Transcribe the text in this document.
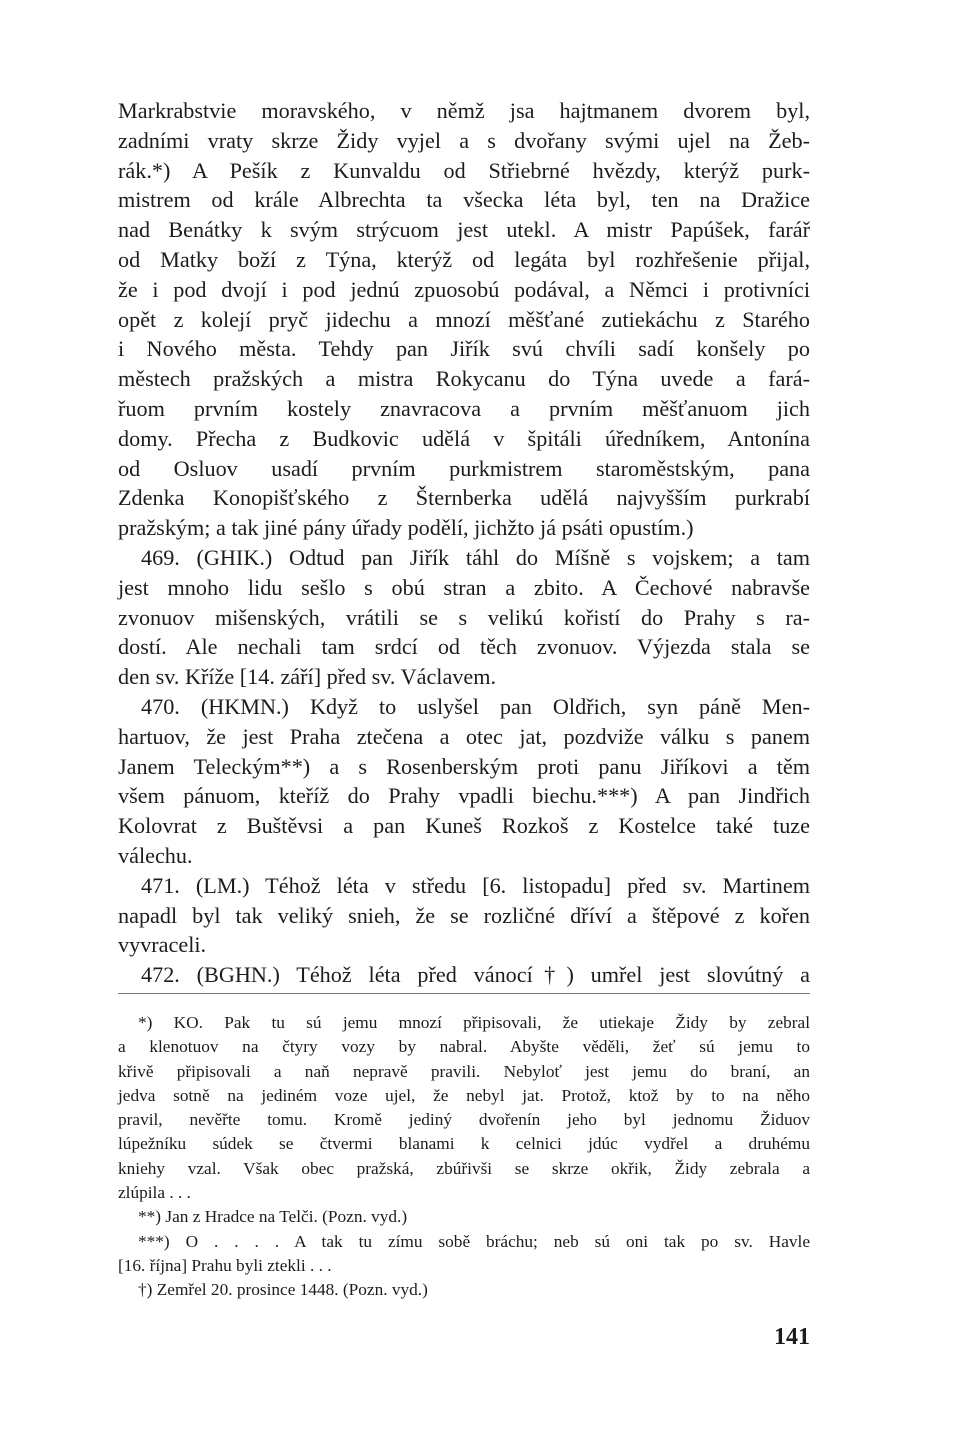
Markrabstvie moravského, v němž jsa hajtmanem dvorem byl,
zadními vraty skrze Židy vyjel a s dvořany svými ujel na Žeb-
rák.*) A Pešík z Kunvaldu od Střiebrné hvězdy, kterýž purk-
mistrem od krále Albrechta ta všecka léta byl, ten na Dražice
nad Benátky k svým strýcuom jest utekl. A mistr Papúšek, farář
od Matky boží z Týna, kterýž od legáta byl rozhřešenie přijal,
že i pod dvojí i pod jednú zpuosobú podával, a Němci i protivníci
opět z kolejí pryč jidechu a mnozí měšťané zutiekáchu z Starého
i Nového města. Tehdy pan Jiřík svú chvíli sadí konšely po
městech pražských a mistra Rokycanu do Týna uvede a fará-
řuom prvním kostely znavracova a prvním měšťanuom jich
domy. Přecha z Budkovic udělá v špitáli úředníkem, Antonína
od Osluov usadí prvním purkmistrem staroměstským, pana
Zdenka Konopišťského z Šternberka udělá najvyšším purkrabí
pražským; a tak jiné pány úřady podělí, jichžto já psáti opustím.)
469. (GHIK.) Odtud pan Jiřík táhl do Míšně s vojskem; a tam
jest mnoho lidu sešlo s obú stran a zbito. A Čechové nabravše
zvonuov mišenských, vrátili se s velikú kořistí do Prahy s ra-
dostí. Ale nechali tam srdcí od těch zvonuov. Výjezda stala se
den sv. Kříže [14. září] před sv. Václavem.
470. (HKMN.) Když to uslyšel pan Oldřich, syn páně Men-
hartuov, že jest Praha ztečena a otec jat, pozdviže válku s panem
Janem Teleckým**) a s Rosenberským proti panu Jiříkovi a těm
všem pánuom, kteříž do Prahy vpadli biechu.***) A pan Jindřich
Kolovrat z Buštěvsi a pan Kuneš Rozkoš z Kostelce také tuze
válechu.
471. (LM.) Téhož léta v středu [6. listopadu] před sv. Martinem
napadl byl tak veliký snieh, že se rozličné dříví a štěpové z kořen
vyvraceli.
472. (BGHN.) Téhož léta před vánocí†) umřel jest slovútný a
*) KO. Pak tu sú jemu mnozí připisovali, že utiekaje Židy by zebral
a klenotuov na čtyry vozy by nabral. Abyšte věděli, žeť sú jemu to
křivě připisovali a naň nepravě pravili. Nebyloť jest jemu do braní, an
jedva sotně na jediném voze ujel, že nebyl jat. Protož, ktož by to na něho
pravil, nevěřte tomu. Kromě jediný dvořenín jeho byl jednomu Židuov
lúpežníku súdek se čtvermi blanami k celnici jdúc vydřel a druhému
kniehy vzal. Však obec pražská, zbúřivši se skrze okřik, Židy zebrala a
zlúpila . . .
**) Jan z Hradce na Telči. (Pozn. vyd.)
***) O . . . . A tak tu zímu sobě bráchu; neb sú oni tak po sv. Havle
[16. října] Prahu byli ztekli . . .
†) Zemřel 20. prosince 1448. (Pozn. vyd.)
141
